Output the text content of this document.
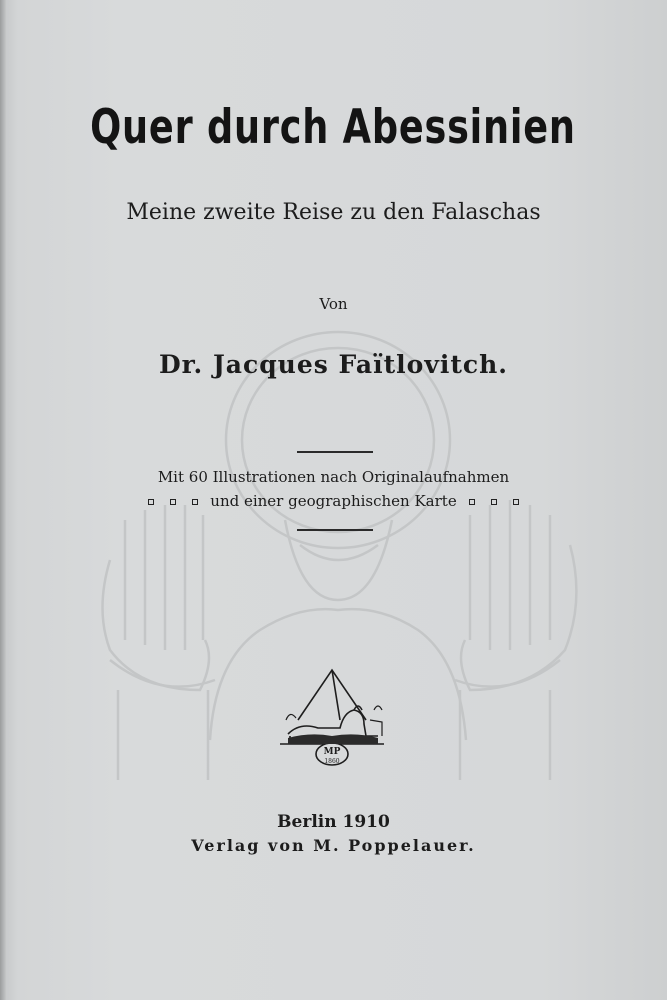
Quer durch Abessinien
Meine zweite Reise zu den Falaschas
Von
Dr. Jacques Faïtlovitch.
Mit 60 Illustrationen nach Originalaufnahmen
und einer geographischen Karte
MP
1860
Berlin 1910
Verlag von M. Poppelauer.
